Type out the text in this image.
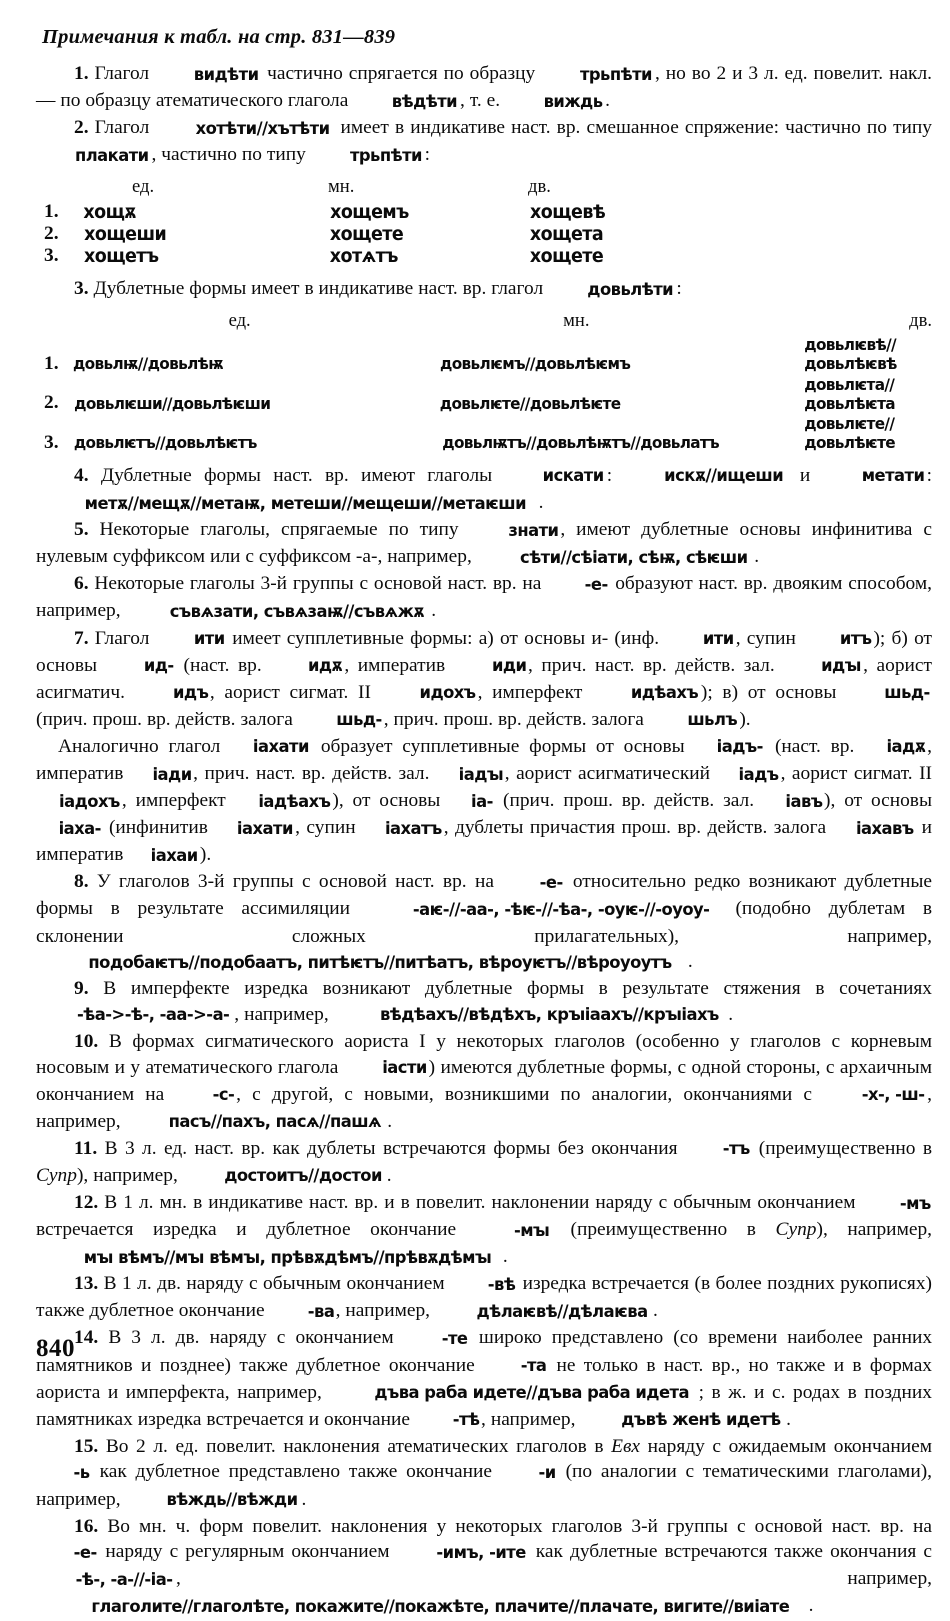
Примечания к табл. на стр. 831—839

1. Глагол видѣти частично спрягается по образцу трьпѣти , но во 2 и 3 л. ед. повелит. накл.— по образцу атематического глагола вѣдѣти , т. е. виждь .

2. Глагол хотѣти//хътѣти имеет в индикативе наст. вр. смешанное спряжение: частично по типу плакати , частично по типу трьпѣти :

	ед.	мн.	дв.
1.	хощѫ	хощемъ	хощевѣ
2.	хощеши	хощете	хощета
3.	хощетъ	хотѧтъ	хощете

3. Дублетные формы имеет в индикативе наст. вр. глагол довьлѣти :

	ед.	мн.	дв.
1.	довьлѭ//довьлѣѭ	довьлѥмъ//довьлѣѥмъ	довьлѥвѣ//довьлѣѥвѣ
2.	довьлѥши//довьлѣѥши	довьлѥте//довьлѣѥте	довьлѥта//довьлѣѥта
3.	довьлѥтъ//довьлѣѥтъ	довьлѭтъ//довьлѣѭтъ//довьлатъ	довьлѥте//довьлѣѥте

4. Дублетные формы наст. вр. имеют глаголы искати : искѫ//ищеши и метати : метѫ//мещѫ//метаѭ, метеши//мещеши//метаѥши .

5. Некоторые глаголы, спрягаемые по типу знати , имеют дублетные основы инфинитива с нулевым суффиксом или с суффиксом -а-, например,	сѣти//сѣіати, сѣѭ, сѣѥши .

6. Некоторые глаголы 3-й группы с основой наст. вр. на -е- образуют наст. вр. двояким способом, например,	съвѧзати, съвѧзаѭ//съвѧжѫ .

7. Глагол ити имеет супплетивные формы: а) от основы и- (инф. ити, супин итъ); б) от основы ид- (наст. вр. идѫ, императив иди, прич. наст. вр. действ. зал. идꙑ , аорист асигматич. идъ, аорист сигмат. II идохъ , имперфект идѣахъ ); в) от основы шьд- (прич. прош. вр. действ. залога шьд- , прич. прош. вр. действ. залога шьлъ ).

Аналогично глагол іахати образует супплетивные формы от основы іадъ- (наст. вр. іадѫ, императив іади, прич. наст. вр. действ. зал. іадꙑ, аорист асигматический іадъ, аорист сигмат. II іадохъ , имперфект іадѣахъ ), от основы іа- (прич. прош. вр. действ. зал. іавъ), от основы іаха- (инфинитив іахати , супин іахатъ , дублеты причастия прош. вр. действ. залога іахавъ и императив іахаи).

8. У глаголов 3-й группы с основой наст. вр. на -е- относительно редко возникают дублетные формы в результате ассимиляции	-аѥ-//-аа-, -ѣѥ-//-ѣа-, -оуѥ-//-оуоу- (подобно дублетам в склонении сложных прилагательных), например, подобаѥтъ//подобаатъ, питѣѥтъ//питѣатъ, вѣроуѥтъ//вѣроуоутъ .

9. В имперфекте изредка возникают дублетные формы в результате стяжения в сочетаниях -ѣа->-ѣ-, -аа->-а- , например,	вѣдѣахъ//вѣдѣхъ, крꙑіаахъ//крꙑіахъ .

10. В формах сигматического аориста I у некоторых глаголов (особенно у глаголов с корневым носовым и у атематического глагола іасти ) имеются дублетные формы, с одной стороны, с архаичным окончанием на -с-, с другой, с новыми, возникшими по аналогии, окончаниями с -х-, -ш- , например, пасъ//пахъ, пасѧ//пашѧ .

11. В 3 л. ед. наст. вр. как дублеты встречаются формы без окончания -тъ (преимущественно в Супр), например, достоитъ//достои .

12. В 1 л. мн. в индикативе наст. вр. и в повелит. наклонении наряду с обычным окончанием -мъ встречается изредка и дублетное окончание -мꙑ (преимущественно в Супр), например, мꙑ вѣмъ//мꙑ вѣмꙑ, прѣвѫдѣмъ//прѣвѫдѣмꙑ .

13. В 1 л. дв. наряду с обычным окончанием -вѣ изредка встречается (в более поздних рукописях) также дублетное окончание -ва, например, дѣлаѥвѣ//дѣлаѥва .

14. В 3 л. дв. наряду с окончанием -те широко представлено (со времени наиболее ранних памятников и позднее) также дублетное окончание -та не только в наст. вр., но также и в формах аориста и имперфекта, например,	дъва раба идете//дъва раба идета ; в ж. и с. родах в поздних памятниках изредка встречается и окончание -тѣ, например, дъвѣ женѣ идетѣ .

15. Во 2 л. ед. повелит. наклонения атематических глаголов в Евх наряду с ожидаемым окончанием -ь как дублетное представлено также окончание -и (по аналогии с тематическими глаголами), например, вѣждь//вѣжди .

16. Во мн. ч. форм повелит. наклонения у некоторых глаголов 3-й группы с основой наст. вр. на -е- наряду с регулярным окончанием -имъ, -ите как дублетные встречаются также окончания с -ѣ-, -а-//-іа- , например, глаголите//глаголѣте, покажите//покажѣте, плачите//плачате, вигите//виіате .

840
